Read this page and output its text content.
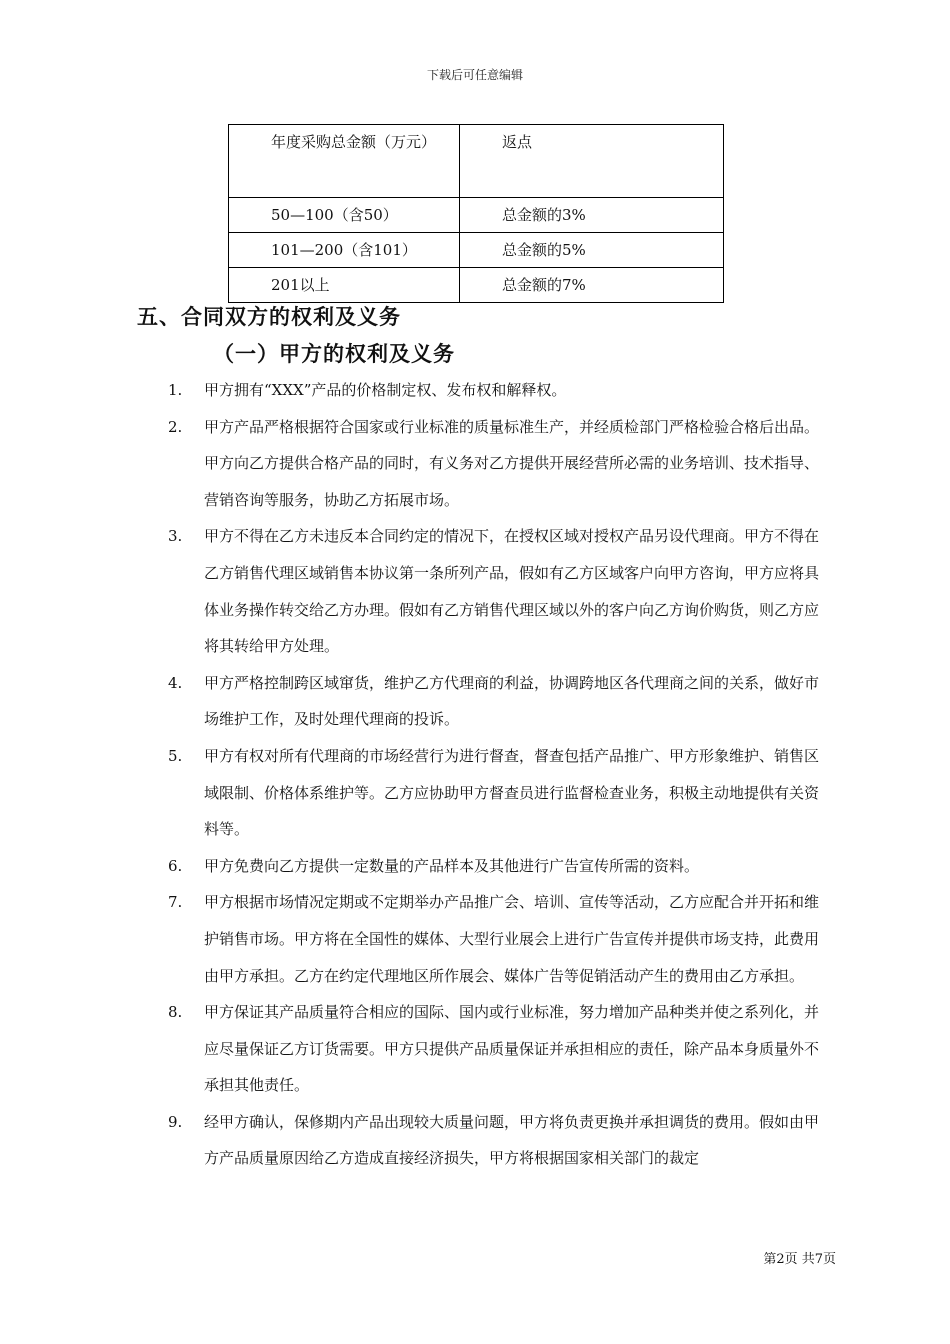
下载后可任意编辑
年度采购总金额（万元）	返点

50—100（含50）	总金额的3%

101—200（含101）	总金额的5%

201以上	总金额的7%
五、合同双方的权利及义务
（一）甲方的权利及义务
1. 甲方拥有“XXX”产品的价格制定权、发布权和解释权。
2. 甲方产品严格根据符合国家或行业标准的质量标准生产，并经质检部门严格检验合格后出品。甲方向乙方提供合格产品的同时，有义务对乙方提供开展经营所必需的业务培训、技术指导、营销咨询等服务，协助乙方拓展市场。
3. 甲方不得在乙方未违反本合同约定的情况下，在授权区域对授权产品另设代理商。甲方不得在乙方销售代理区域销售本协议第一条所列产品，假如有乙方区域客户向甲方咨询，甲方应将具体业务操作转交给乙方办理。假如有乙方销售代理区域以外的客户向乙方询价购货，则乙方应将其转给甲方处理。
4. 甲方严格控制跨区域窜货，维护乙方代理商的利益，协调跨地区各代理商之间的关系，做好市场维护工作，及时处理代理商的投诉。
5. 甲方有权对所有代理商的市场经营行为进行督查，督查包括产品推广、甲方形象维护、销售区域限制、价格体系维护等。乙方应协助甲方督查员进行监督检查业务，积极主动地提供有关资料等。
6. 甲方免费向乙方提供一定数量的产品样本及其他进行广告宣传所需的资料。
7. 甲方根据市场情况定期或不定期举办产品推广会、培训、宣传等活动，乙方应配合并开拓和维护销售市场。甲方将在全国性的媒体、大型行业展会上进行广告宣传并提供市场支持，此费用由甲方承担。乙方在约定代理地区所作展会、媒体广告等促销活动产生的费用由乙方承担。
8. 甲方保证其产品质量符合相应的国际、国内或行业标准，努力增加产品种类并使之系列化，并应尽量保证乙方订货需要。甲方只提供产品质量保证并承担相应的责任，除产品本身质量外不承担其他责任。
9. 经甲方确认，保修期内产品出现较大质量问题，甲方将负责更换并承担调货的费用。假如由甲方产品质量原因给乙方造成直接经济损失，甲方将根据国家相关部门的裁定
第2页 共7页
